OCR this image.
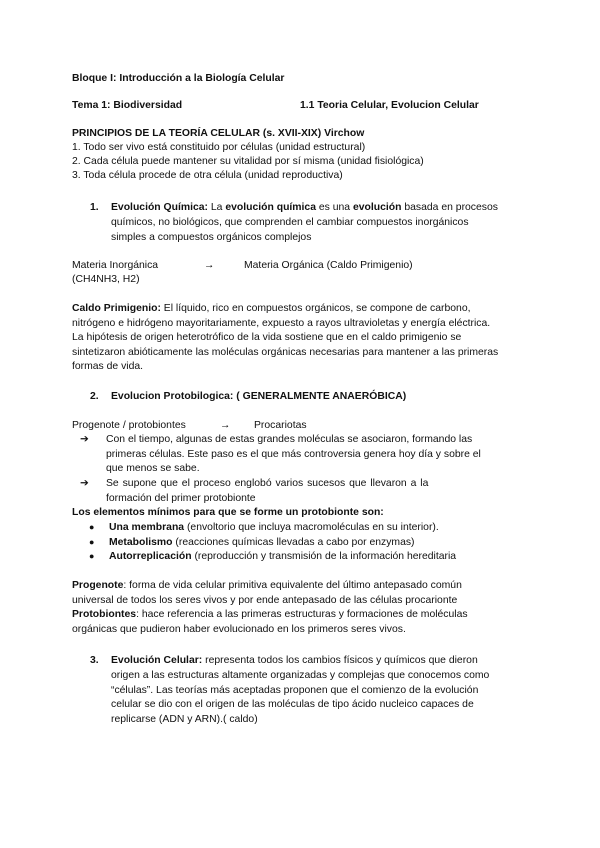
Bloque I: Introducción a la Biología Celular
Tema 1: Biodiversidad	1.1 Teoria Celular, Evolucion Celular
PRINCIPIOS DE LA TEORÍA CELULAR (s. XVII-XIX) Virchow
1. Todo ser vivo está constituido por células (unidad estructural)
2. Cada célula puede mantener su vitalidad por sí misma (unidad fisiológica)
3. Toda célula procede de otra célula (unidad reproductiva)
1. Evolución Química: La evolución química es una evolución basada en procesos
químicos, no biológicos, que comprenden el cambiar compuestos inorgánicos
simples a compuestos orgánicos complejos
Materia Inorgánica	→	Materia Orgánica (Caldo Primigenio)
(CH4NH3, H2)
Caldo Primigenio: El líquido, rico en compuestos orgánicos, se compone de carbono,
nitrógeno e hidrógeno mayoritariamente, expuesto a rayos ultravioletas y energía eléctrica.
La hipótesis de origen heterotrófico de la vida sostiene que en el caldo primigenio se
sintetizaron abióticamente las moléculas orgánicas necesarias para mantener a las primeras
formas de vida.
2. Evolucion Protobilogica: ( GENERALMENTE ANAERÓBICA)
Progenote / protobiontes	→ Procariotas
➔ Con el tiempo, algunas de estas grandes moléculas se asociaron, formando las
primeras células. Este paso es el que más controversia genera hoy día y sobre el
que menos se sabe.
➔ Se supone que el proceso englobó varios sucesos que llevaron a la
formación del primer protobionte
Los elementos mínimos para que se forme un protobionte son:
● Una membrana (envoltorio que incluya macromoléculas en su interior).
● Metabolismo (reacciones químicas llevadas a cabo por enzymas)
● Autorreplicación (reproducción y transmisión de la información hereditaria
Progenote: forma de vida celular primitiva equivalente del último antepasado común
universal de todos los seres vivos y por ende antepasado de las células procarionte
Protobiontes: hace referencia a las primeras estructuras y formaciones de moléculas
orgánicas que pudieron haber evolucionado en los primeros seres vivos.
3. Evolución Celular: representa todos los cambios físicos y químicos que dieron
origen a las estructuras altamente organizadas y complejas que conocemos como
“células”. Las teorías más aceptadas proponen que el comienzo de la evolución
celular se dio con el origen de las moléculas de tipo ácido nucleico capaces de
replicarse (ADN y ARN).( caldo)
